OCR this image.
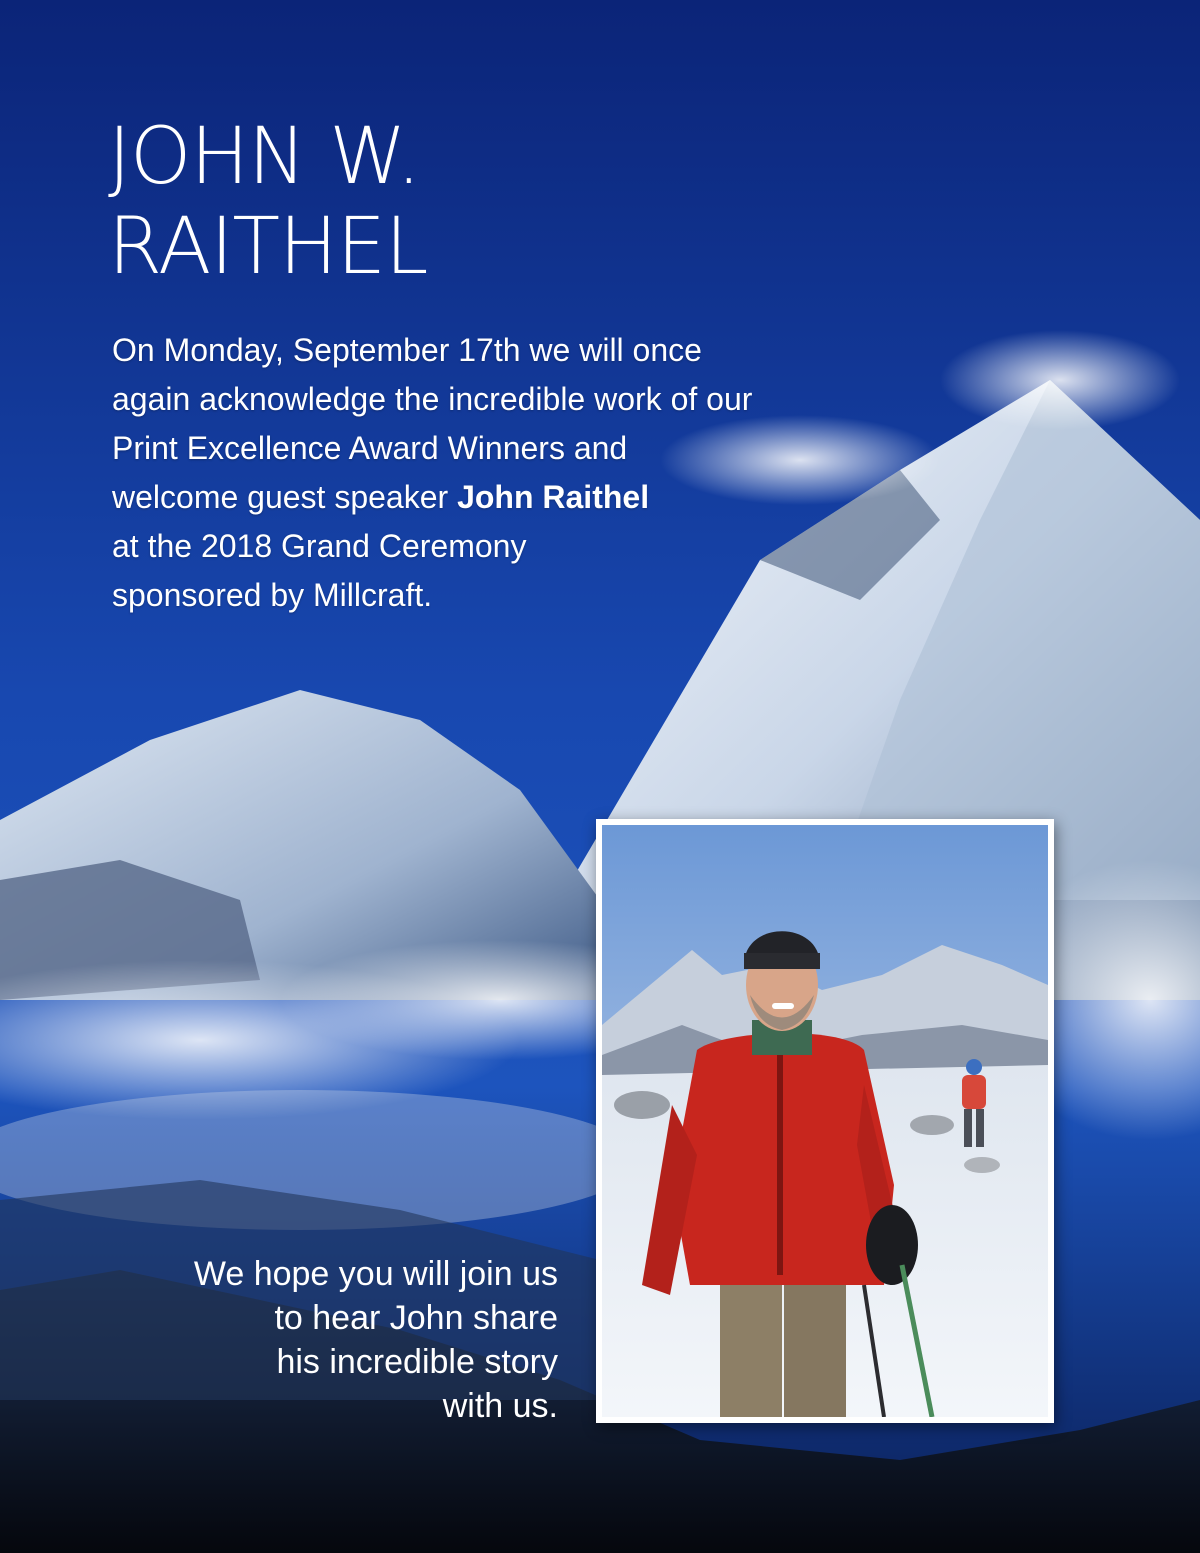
JOHN W.
RAITHEL

On Monday, September 17th we will once
again acknowledge the incredible work of our
Print Excellence Award Winners and
welcome guest speaker John Raithel
at the 2018 Grand Ceremony
sponsored by Millcraft.

We hope you will join us
to hear John share
his incredible story
with us.
